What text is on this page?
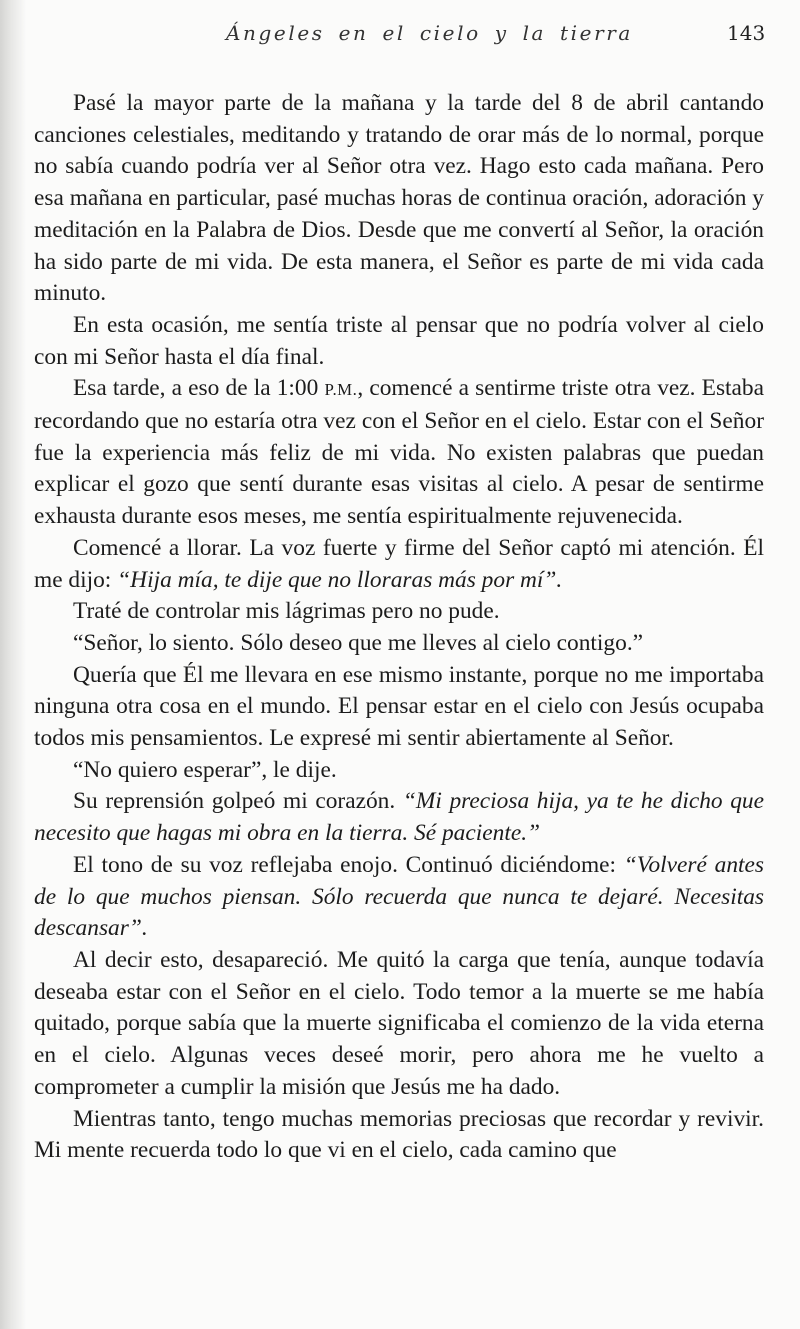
Ángeles en el cielo y la tierra	143

Pasé la mayor parte de la mañana y la tarde del 8 de abril cantando canciones celestiales, meditando y tratando de orar más de lo normal, porque no sabía cuando podría ver al Señor otra vez. Hago esto cada mañana. Pero esa mañana en particular, pasé muchas horas de continua oración, adoración y meditación en la Palabra de Dios. Desde que me convertí al Señor, la oración ha sido parte de mi vida. De esta manera, el Señor es parte de mi vida cada minuto.

En esta ocasión, me sentía triste al pensar que no podría volver al cielo con mi Señor hasta el día final.

Esa tarde, a eso de la 1:00 P.M., comencé a sentirme triste otra vez. Estaba recordando que no estaría otra vez con el Señor en el cielo. Estar con el Señor fue la experiencia más feliz de mi vida. No existen palabras que puedan explicar el gozo que sentí durante esas visitas al cielo. A pesar de sentirme exhausta durante esos meses, me sentía espiritualmente rejuvenecida.

Comencé a llorar. La voz fuerte y firme del Señor captó mi atención. Él me dijo: “Hija mía, te dije que no lloraras más por mí”.

Traté de controlar mis lágrimas pero no pude.

“Señor, lo siento. Sólo deseo que me lleves al cielo contigo.”

Quería que Él me llevara en ese mismo instante, porque no me importaba ninguna otra cosa en el mundo. El pensar estar en el cielo con Jesús ocupaba todos mis pensamientos. Le expresé mi sentir abiertamente al Señor.

“No quiero esperar”, le dije.

Su reprensión golpeó mi corazón. “Mi preciosa hija, ya te he dicho que necesito que hagas mi obra en la tierra. Sé paciente.”

El tono de su voz reflejaba enojo. Continuó diciéndome: “Volveré antes de lo que muchos piensan. Sólo recuerda que nunca te dejaré. Necesitas descansar”.

Al decir esto, desapareció. Me quitó la carga que tenía, aunque todavía deseaba estar con el Señor en el cielo. Todo temor a la muerte se me había quitado, porque sabía que la muerte significaba el comienzo de la vida eterna en el cielo. Algunas veces deseé morir, pero ahora me he vuelto a comprometer a cumplir la misión que Jesús me ha dado.

Mientras tanto, tengo muchas memorias preciosas que recordar y revivir. Mi mente recuerda todo lo que vi en el cielo, cada camino que
